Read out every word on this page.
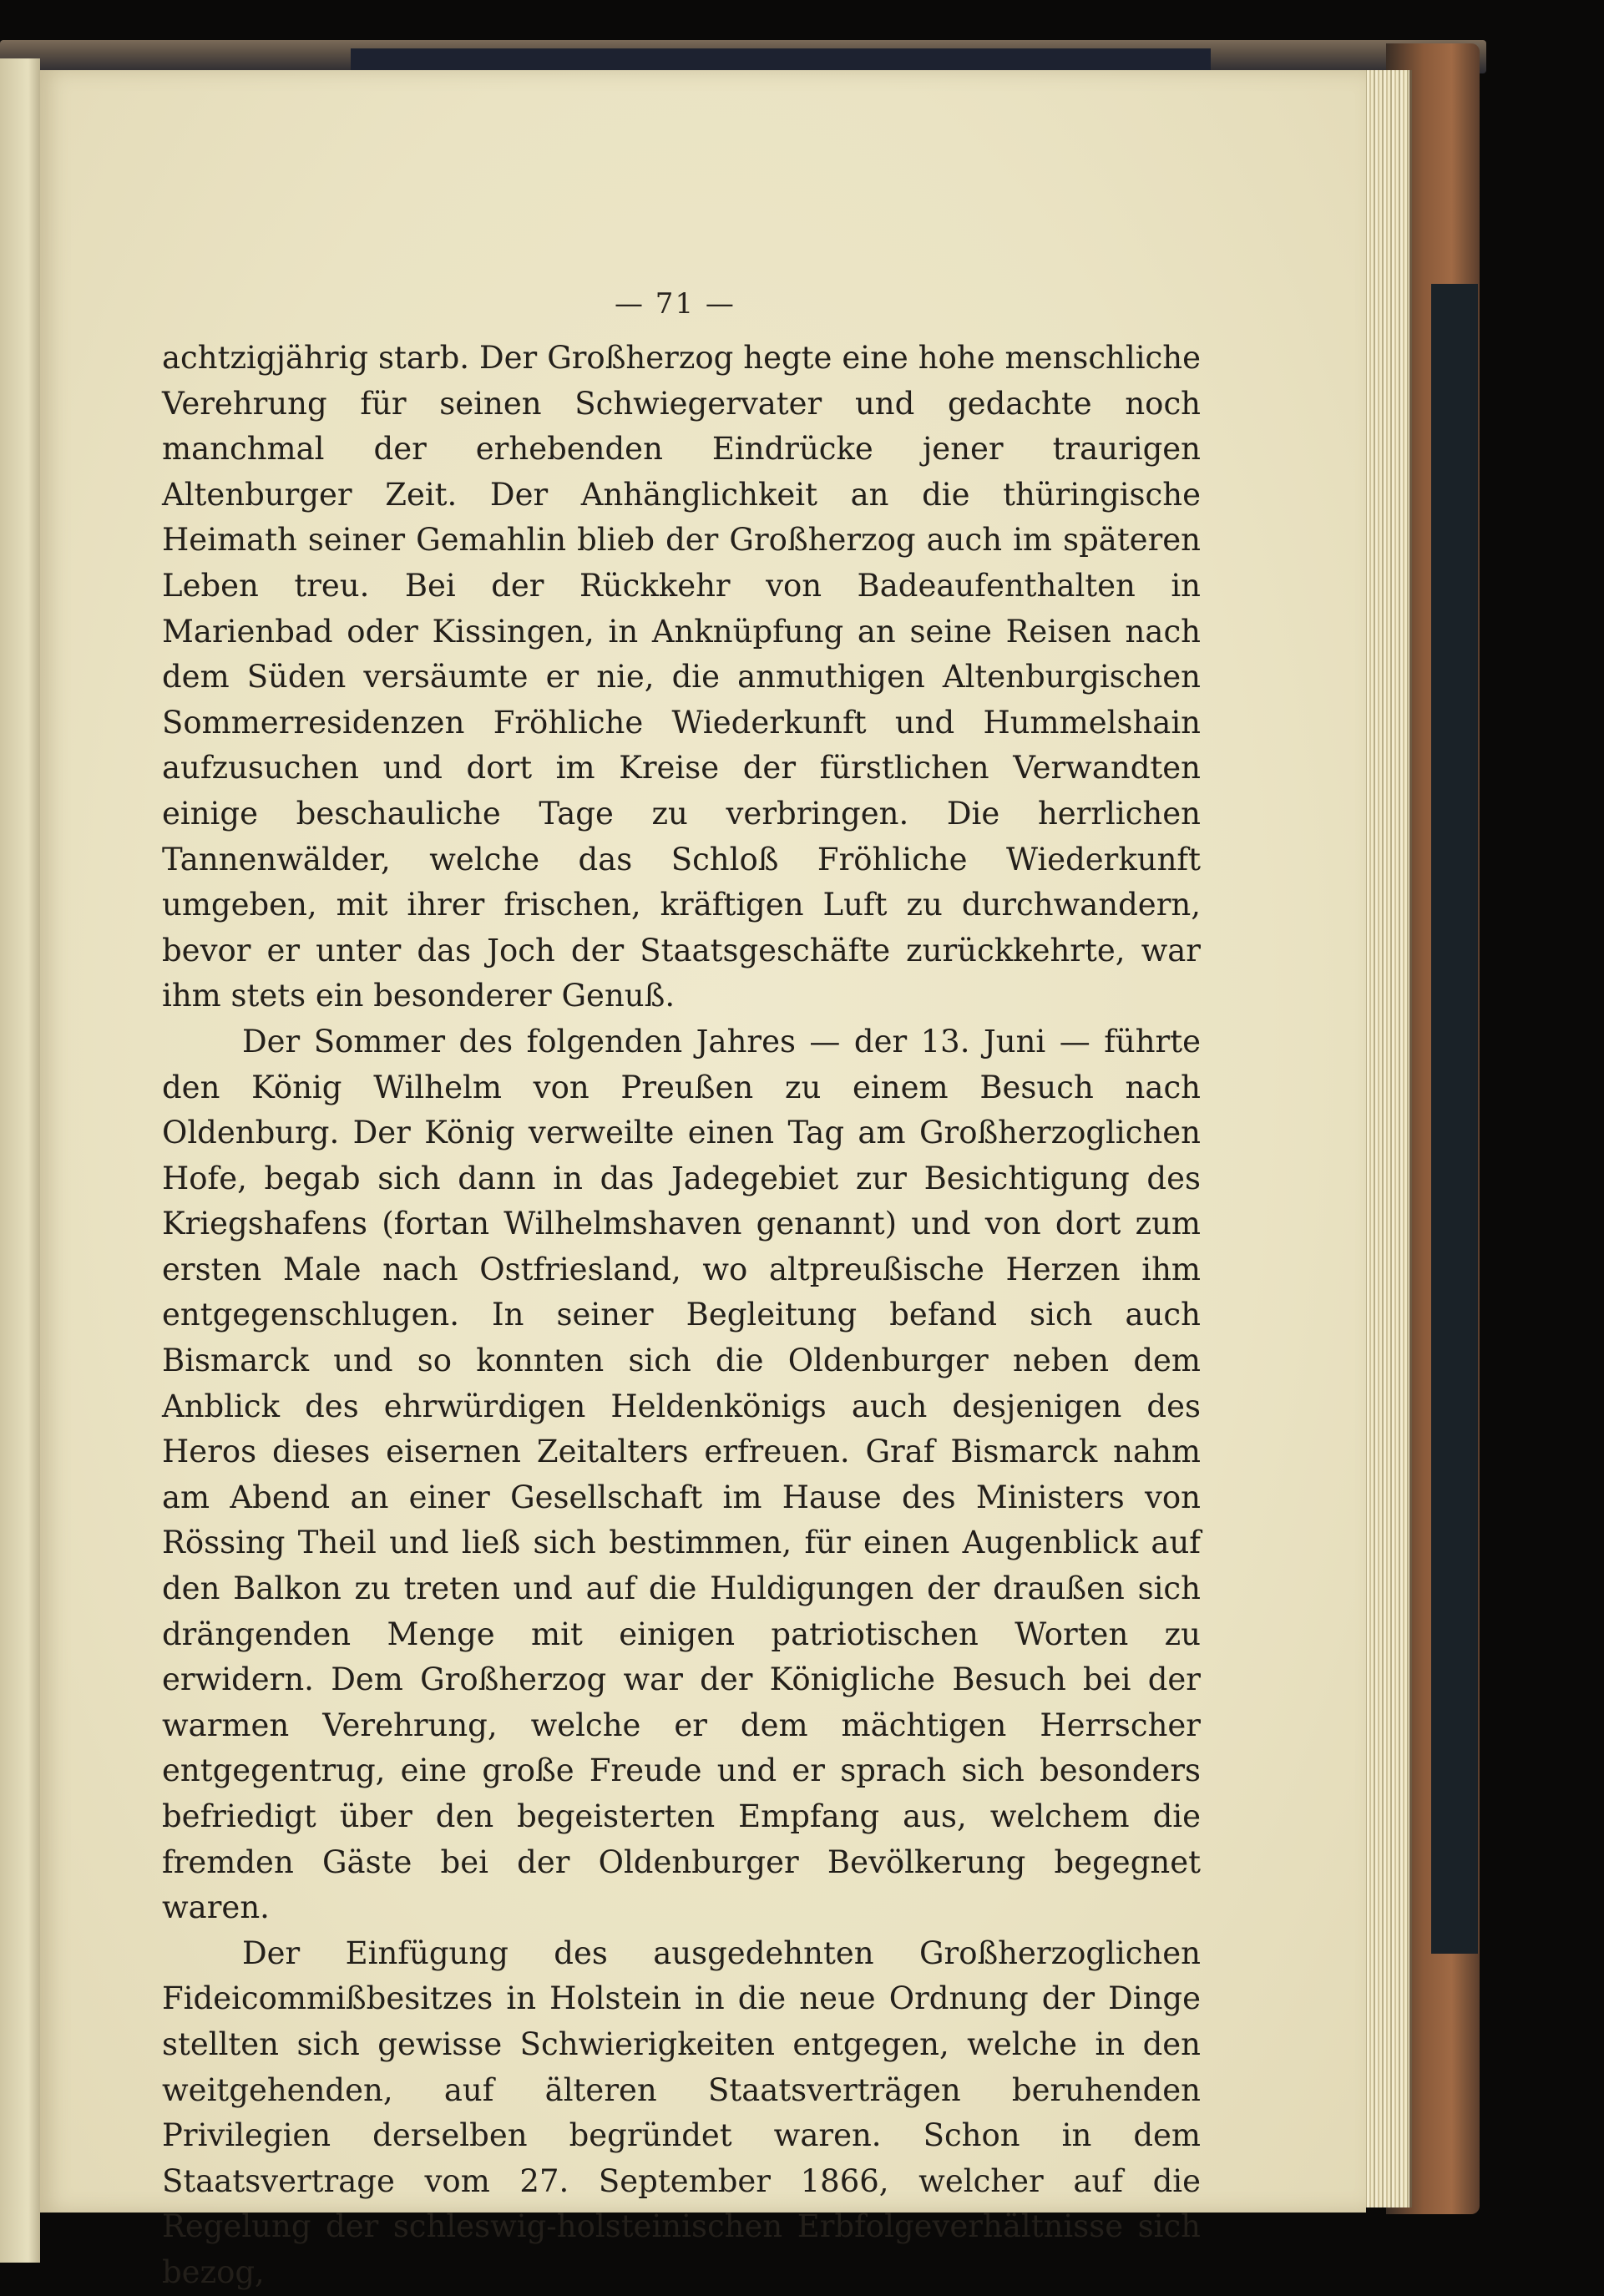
— 71 —

achtzigjährig starb. Der Großherzog hegte eine hohe menschliche Verehrung für seinen Schwiegervater und gedachte noch manchmal der erhebenden Eindrücke jener traurigen Altenburger Zeit. Der Anhänglichkeit an die thüringische Heimath seiner Gemahlin blieb der Großherzog auch im späteren Leben treu. Bei der Rückkehr von Badeaufenthalten in Marienbad oder Kissingen, in Anknüpfung an seine Reisen nach dem Süden versäumte er nie, die anmuthigen Altenburgischen Sommerresidenzen Fröhliche Wiederkunft und Hummelshain aufzusuchen und dort im Kreise der fürstlichen Verwandten einige beschauliche Tage zu verbringen. Die herrlichen Tannenwälder, welche das Schloß Fröhliche Wiederkunft umgeben, mit ihrer frischen, kräftigen Luft zu durchwandern, bevor er unter das Joch der Staatsgeschäfte zurückkehrte, war ihm stets ein besonderer Genuß.

Der Sommer des folgenden Jahres — der 13. Juni — führte den König Wilhelm von Preußen zu einem Besuch nach Oldenburg. Der König verweilte einen Tag am Großherzoglichen Hofe, begab sich dann in das Jadegebiet zur Besichtigung des Kriegshafens (fortan Wilhelmshaven genannt) und von dort zum ersten Male nach Ostfriesland, wo altpreußische Herzen ihm entgegenschlugen. In seiner Begleitung befand sich auch Bismarck und so konnten sich die Oldenburger neben dem Anblick des ehrwürdigen Heldenkönigs auch desjenigen des Heros dieses eisernen Zeitalters erfreuen. Graf Bismarck nahm am Abend an einer Gesellschaft im Hause des Ministers von Rössing Theil und ließ sich bestimmen, für einen Augenblick auf den Balkon zu treten und auf die Huldigungen der draußen sich drängenden Menge mit einigen patriotischen Worten zu erwidern. Dem Großherzog war der Königliche Besuch bei der warmen Verehrung, welche er dem mächtigen Herrscher entgegentrug, eine große Freude und er sprach sich besonders befriedigt über den begeisterten Empfang aus, welchem die fremden Gäste bei der Oldenburger Bevölkerung begegnet waren.

Der Einfügung des ausgedehnten Großherzoglichen Fideicommißbesitzes in Holstein in die neue Ordnung der Dinge stellten sich gewisse Schwierigkeiten entgegen, welche in den weitgehenden, auf älteren Staatsverträgen beruhenden Privilegien derselben begründet waren. Schon in dem Staatsvertrage vom 27. September 1866, welcher auf die Regelung der schleswig-holsteinischen Erbfolgeverhältnisse sich bezog,
